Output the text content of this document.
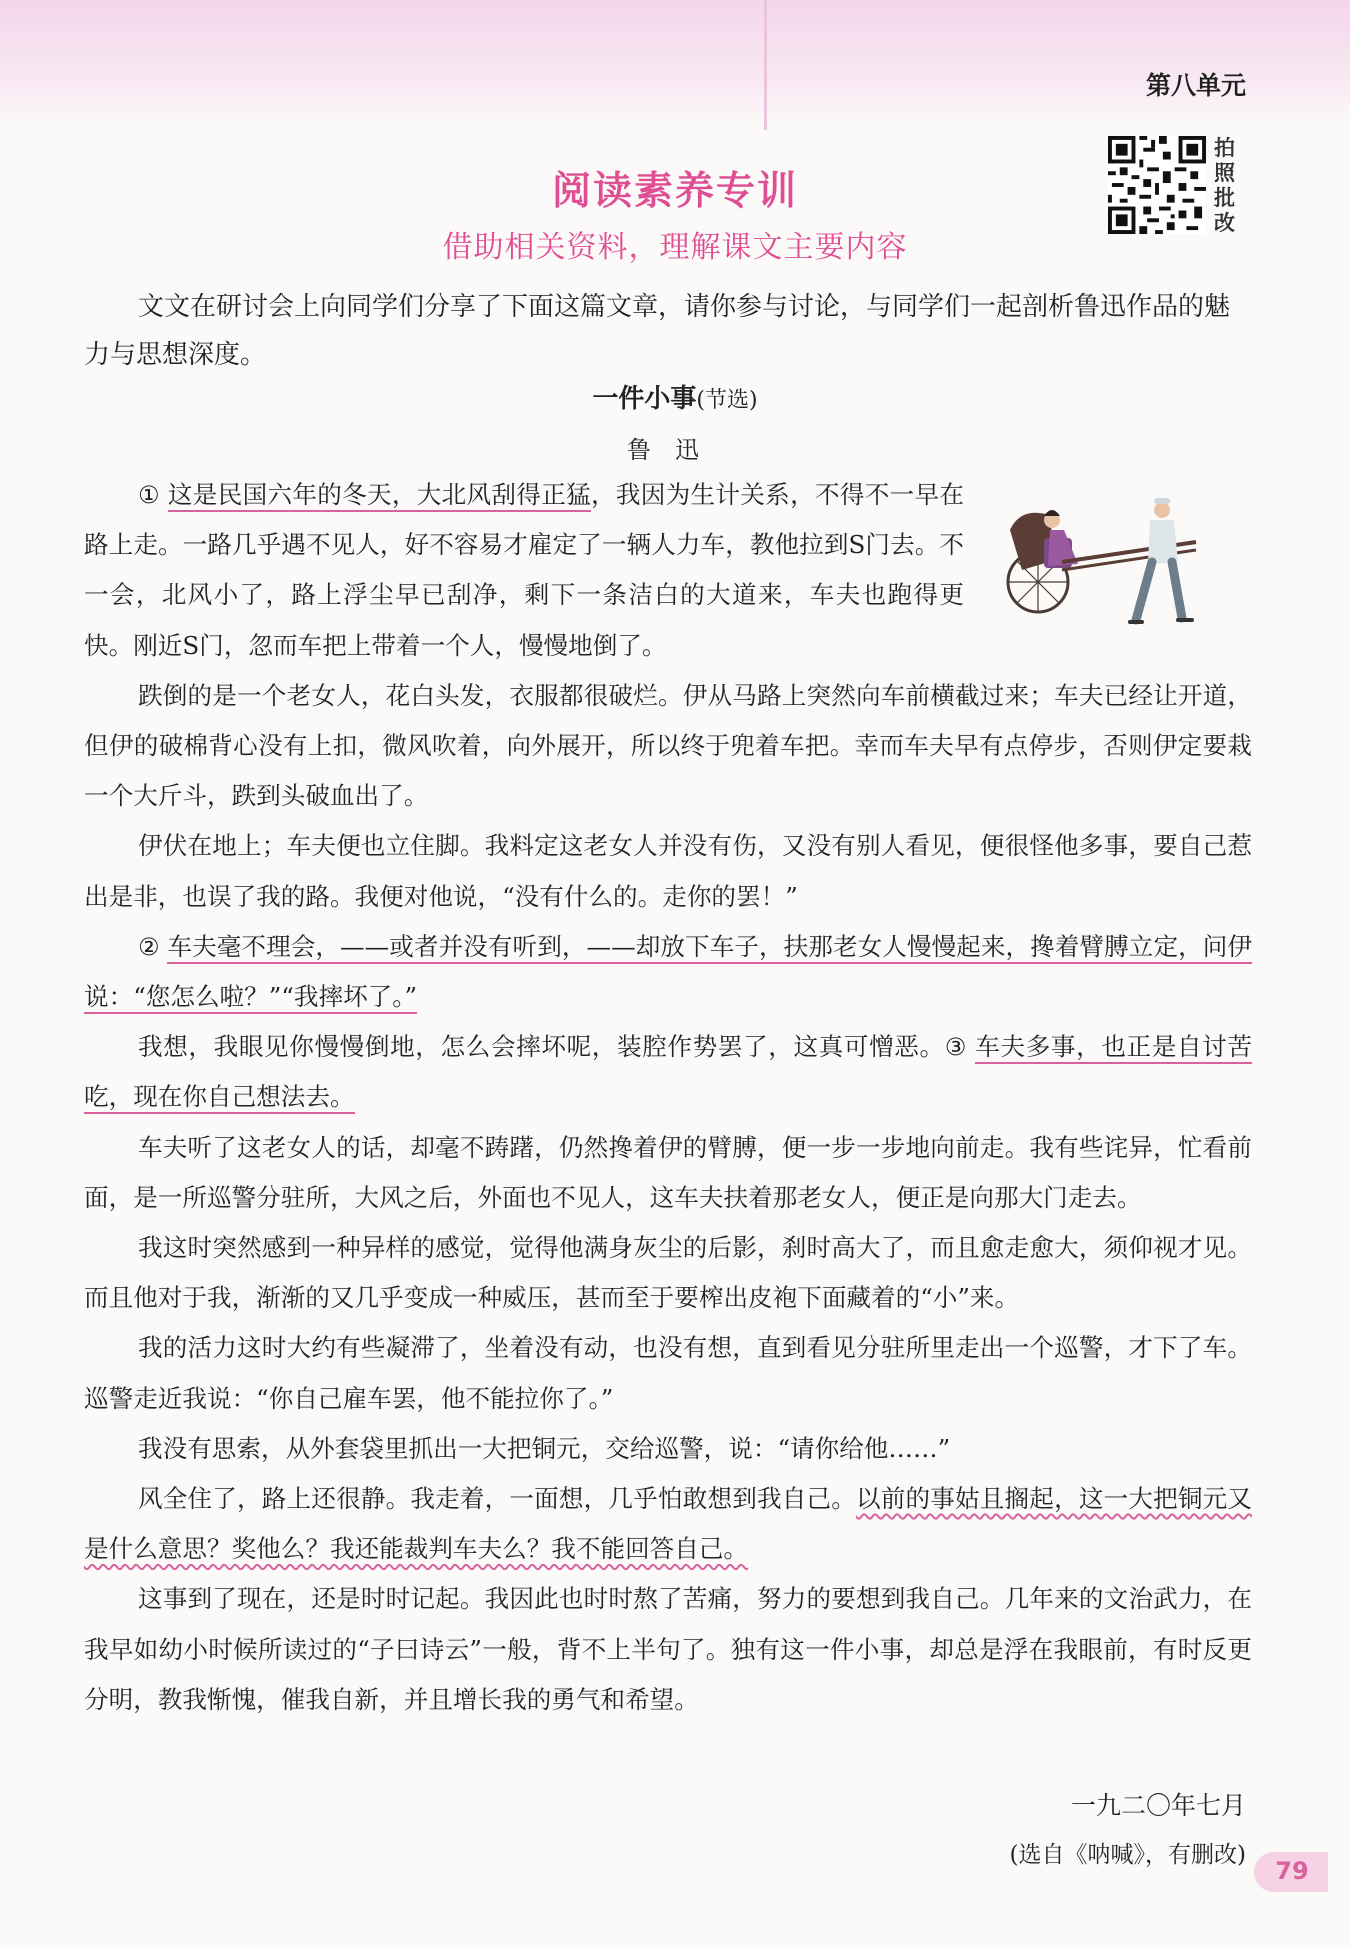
第八单元
阅读素养专训
借助相关资料，理解课文主要内容
拍照批改
文文在研讨会上向同学们分享了下面这篇文章，请你参与讨论，与同学们一起剖析鲁迅作品的魅力与思想深度。
一件小事(节选)
鲁迅

① 这是民国六年的冬天，大北风刮得正猛，我因为生计关系，不得不一早在路上走。一路几乎遇不见人，好不容易才雇定了一辆人力车，教他拉到S门去。不一会，北风小了，路上浮尘早已刮净，剩下一条洁白的大道来，车夫也跑得更快。刚近S门，忽而车把上带着一个人，慢慢地倒了。

跌倒的是一个老女人，花白头发，衣服都很破烂。伊从马路上突然向车前横截过来；车夫已经让开道，但伊的破棉背心没有上扣，微风吹着，向外展开，所以终于兜着车把。幸而车夫早有点停步，否则伊定要栽一个大斤斗，跌到头破血出了。

伊伏在地上；车夫便也立住脚。我料定这老女人并没有伤，又没有别人看见，便很怪他多事，要自己惹出是非，也误了我的路。我便对他说，“没有什么的。走你的罢！”

② 车夫毫不理会，——或者并没有听到，——却放下车子，扶那老女人慢慢起来，搀着臂膊立定，问伊说：“您怎么啦？”“我摔坏了。”

我想，我眼见你慢慢倒地，怎么会摔坏呢，装腔作势罢了，这真可憎恶。③ 车夫多事，也正是自讨苦吃，现在你自己想法去。

车夫听了这老女人的话，却毫不踌躇，仍然搀着伊的臂膊，便一步一步地向前走。我有些诧异，忙看前面，是一所巡警分驻所，大风之后，外面也不见人，这车夫扶着那老女人，便正是向那大门走去。

我这时突然感到一种异样的感觉，觉得他满身灰尘的后影，刹时高大了，而且愈走愈大，须仰视才见。而且他对于我，渐渐的又几乎变成一种威压，甚而至于要榨出皮袍下面藏着的“小”来。

我的活力这时大约有些凝滞了，坐着没有动，也没有想，直到看见分驻所里走出一个巡警，才下了车。巡警走近我说：“你自己雇车罢，他不能拉你了。”

我没有思索，从外套袋里抓出一大把铜元，交给巡警，说：“请你给他……”

风全住了，路上还很静。我走着，一面想，几乎怕敢想到我自己。以前的事姑且搁起，这一大把铜元又是什么意思？奖他么？我还能裁判车夫么？我不能回答自己。

这事到了现在，还是时时记起。我因此也时时熬了苦痛，努力的要想到我自己。几年来的文治武力，在我早如幼小时候所读过的“子曰诗云”一般，背不上半句了。独有这一件小事，却总是浮在我眼前，有时反更分明，教我惭愧，催我自新，并且增长我的勇气和希望。

一九二〇年七月
(选自《呐喊》，有删改)
79
